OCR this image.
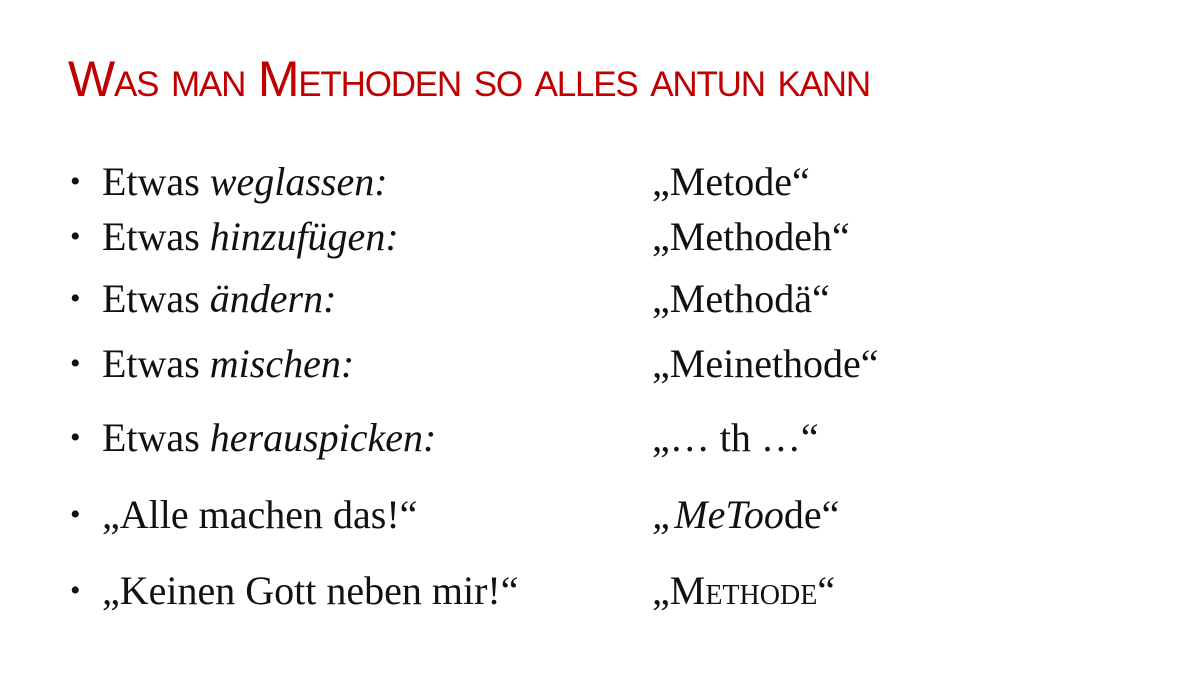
Was man Methoden so alles antun kann
• Etwas weglassen:	„Metode“
• Etwas hinzufügen:	„Methodeh“
• Etwas ändern:	„Methodä“
• Etwas mischen:	„Meinethode“
• Etwas herauspicken:	„… th …“
• „Alle machen das!“	„MeToode“
• „Keinen Gott neben mir!“	„Methode“
